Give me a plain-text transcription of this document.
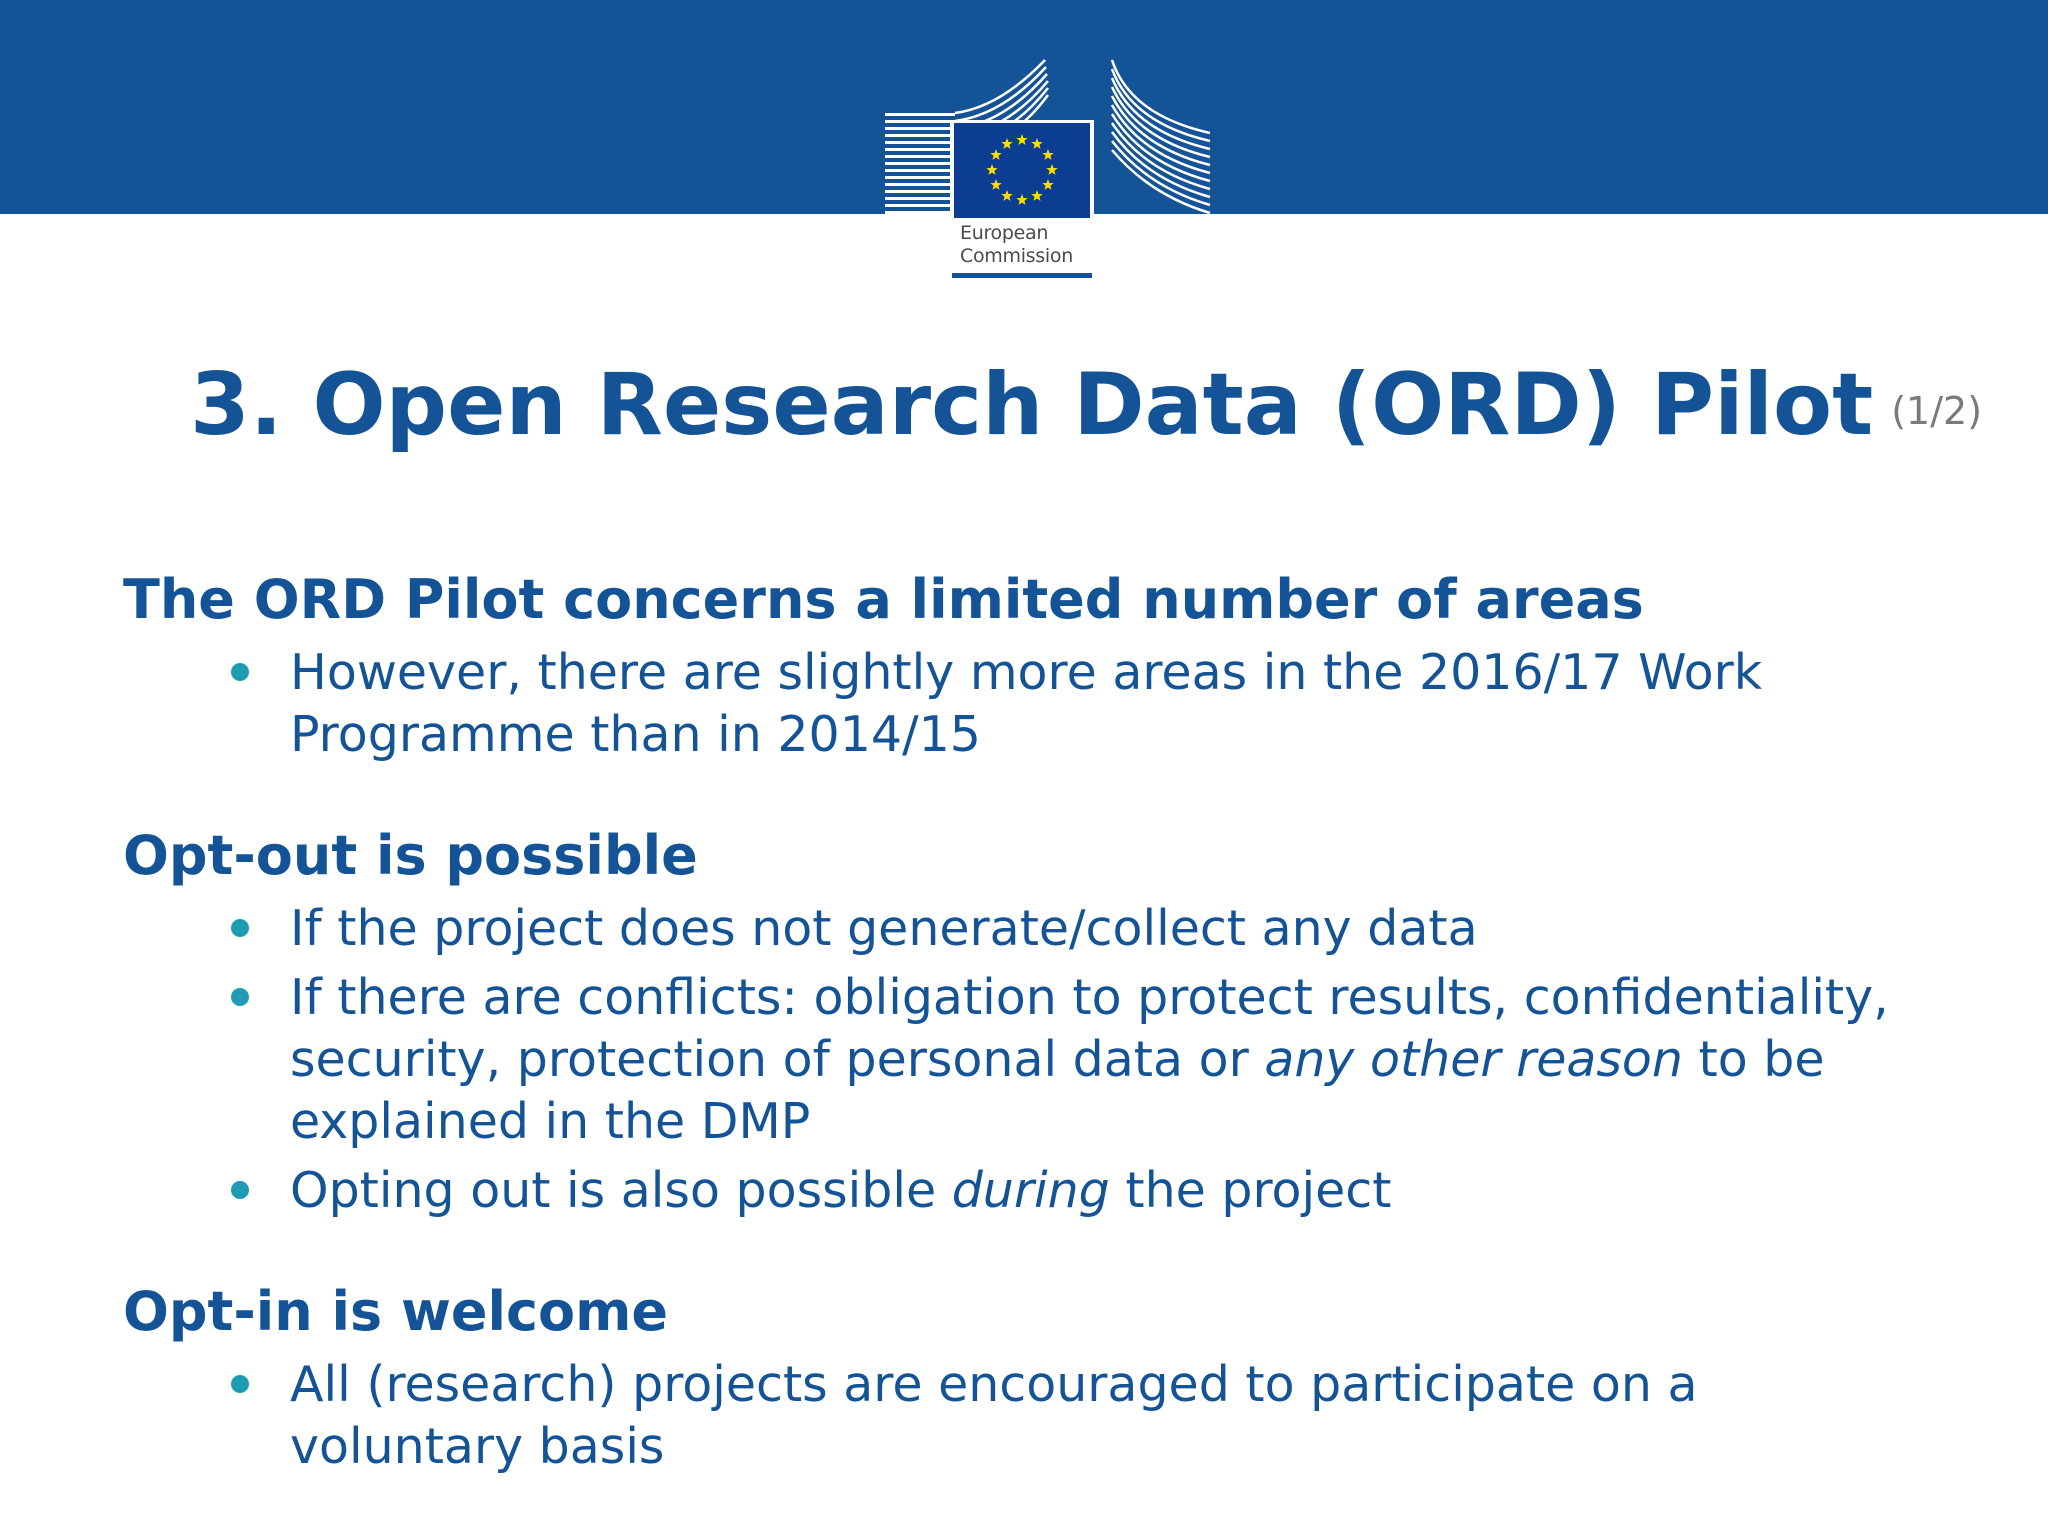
European
Commission
3. Open Research Data (ORD) Pilot (1/2)

The ORD Pilot concerns a limited number of areas

However, there are slightly more areas in the 2016/17 Work Programme than in 2014/15

Opt-out is possible

If the project does not generate/collect any data
If there are conflicts: obligation to protect results, confidentiality, security, protection of personal data or any other reason to be explained in the DMP
Opting out is also possible during the project

Opt-in is welcome

All (research) projects are encouraged to participate on a voluntary basis
